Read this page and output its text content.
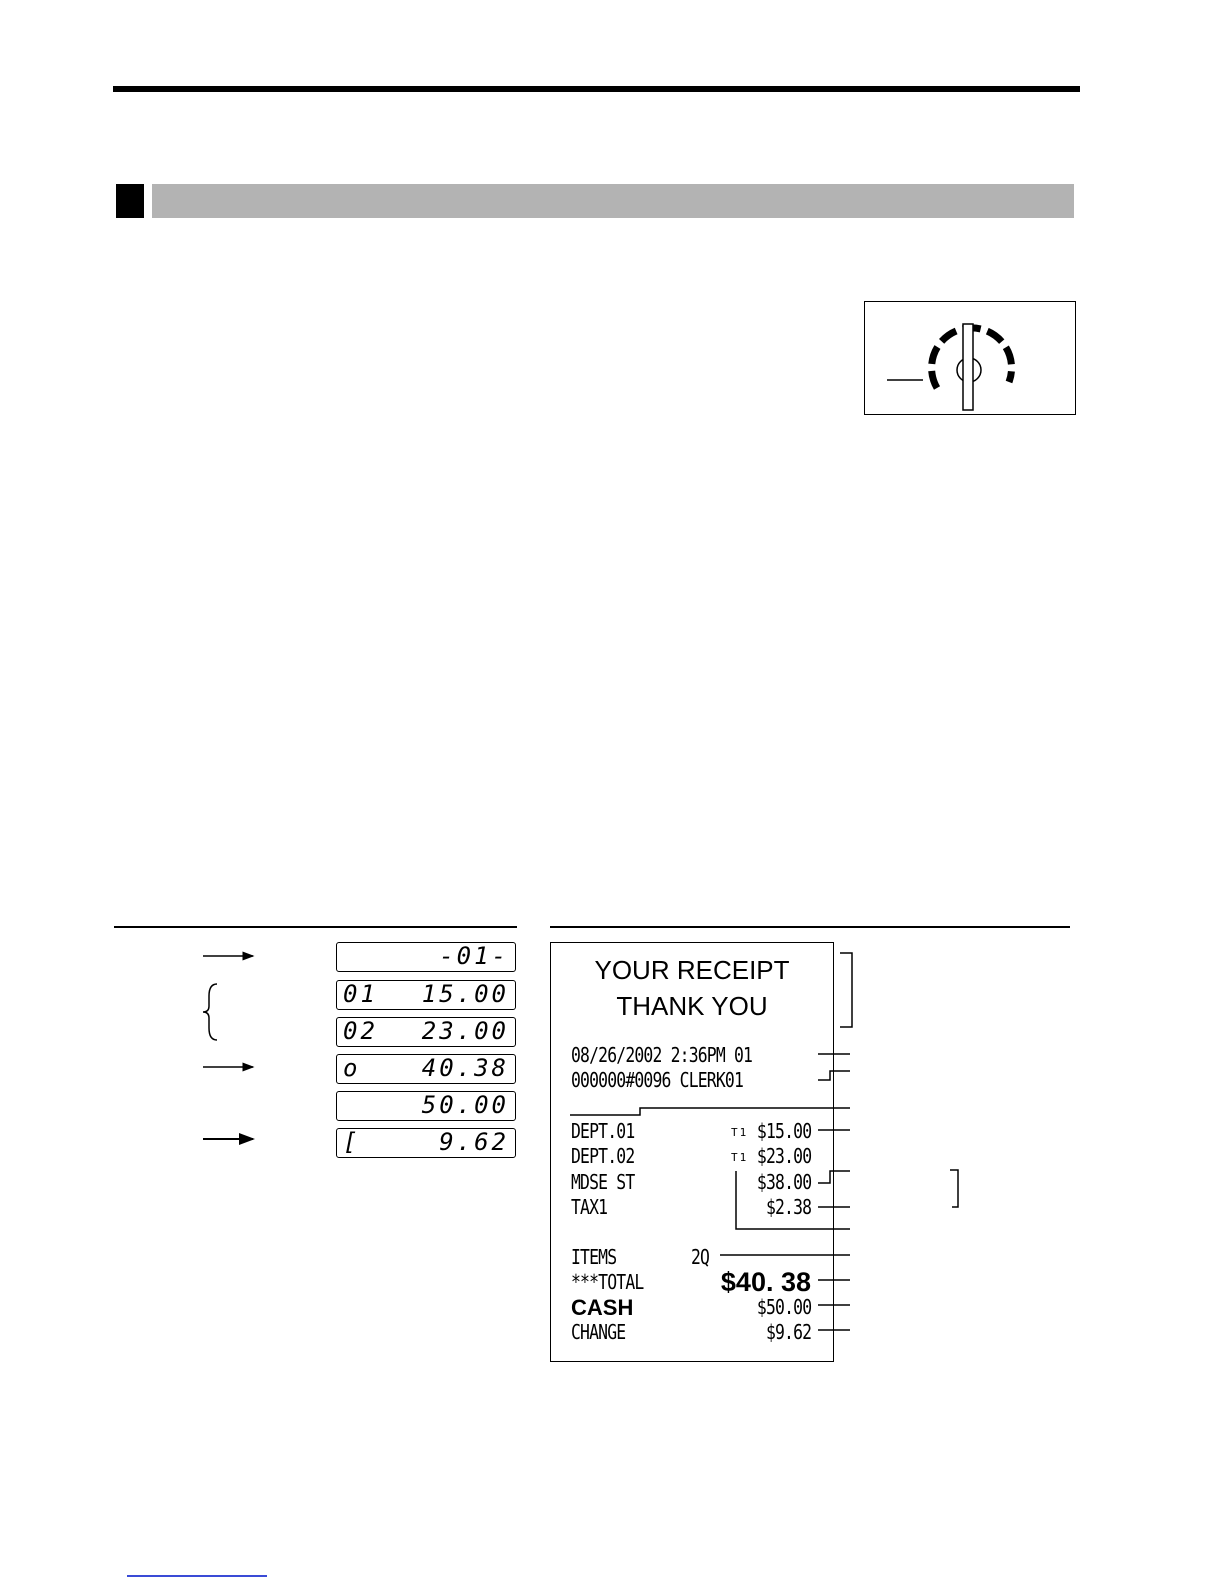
-01-
01 15.00
02 23.00
ο	40.38
50.00
[	9.62
YOUR RECEIPT
THANK YOU
08/26/2002 2:36PM 01
000000#0096 CLERK01
DEPT.01	T1 $15.00
DEPT.02	T1 $23.00
MDSE ST	$38.00
TAX1	$2.38
ITEMS	2Q
***TOTAL	$40. 38
CASH	$50.00
CHANGE	$9.62
